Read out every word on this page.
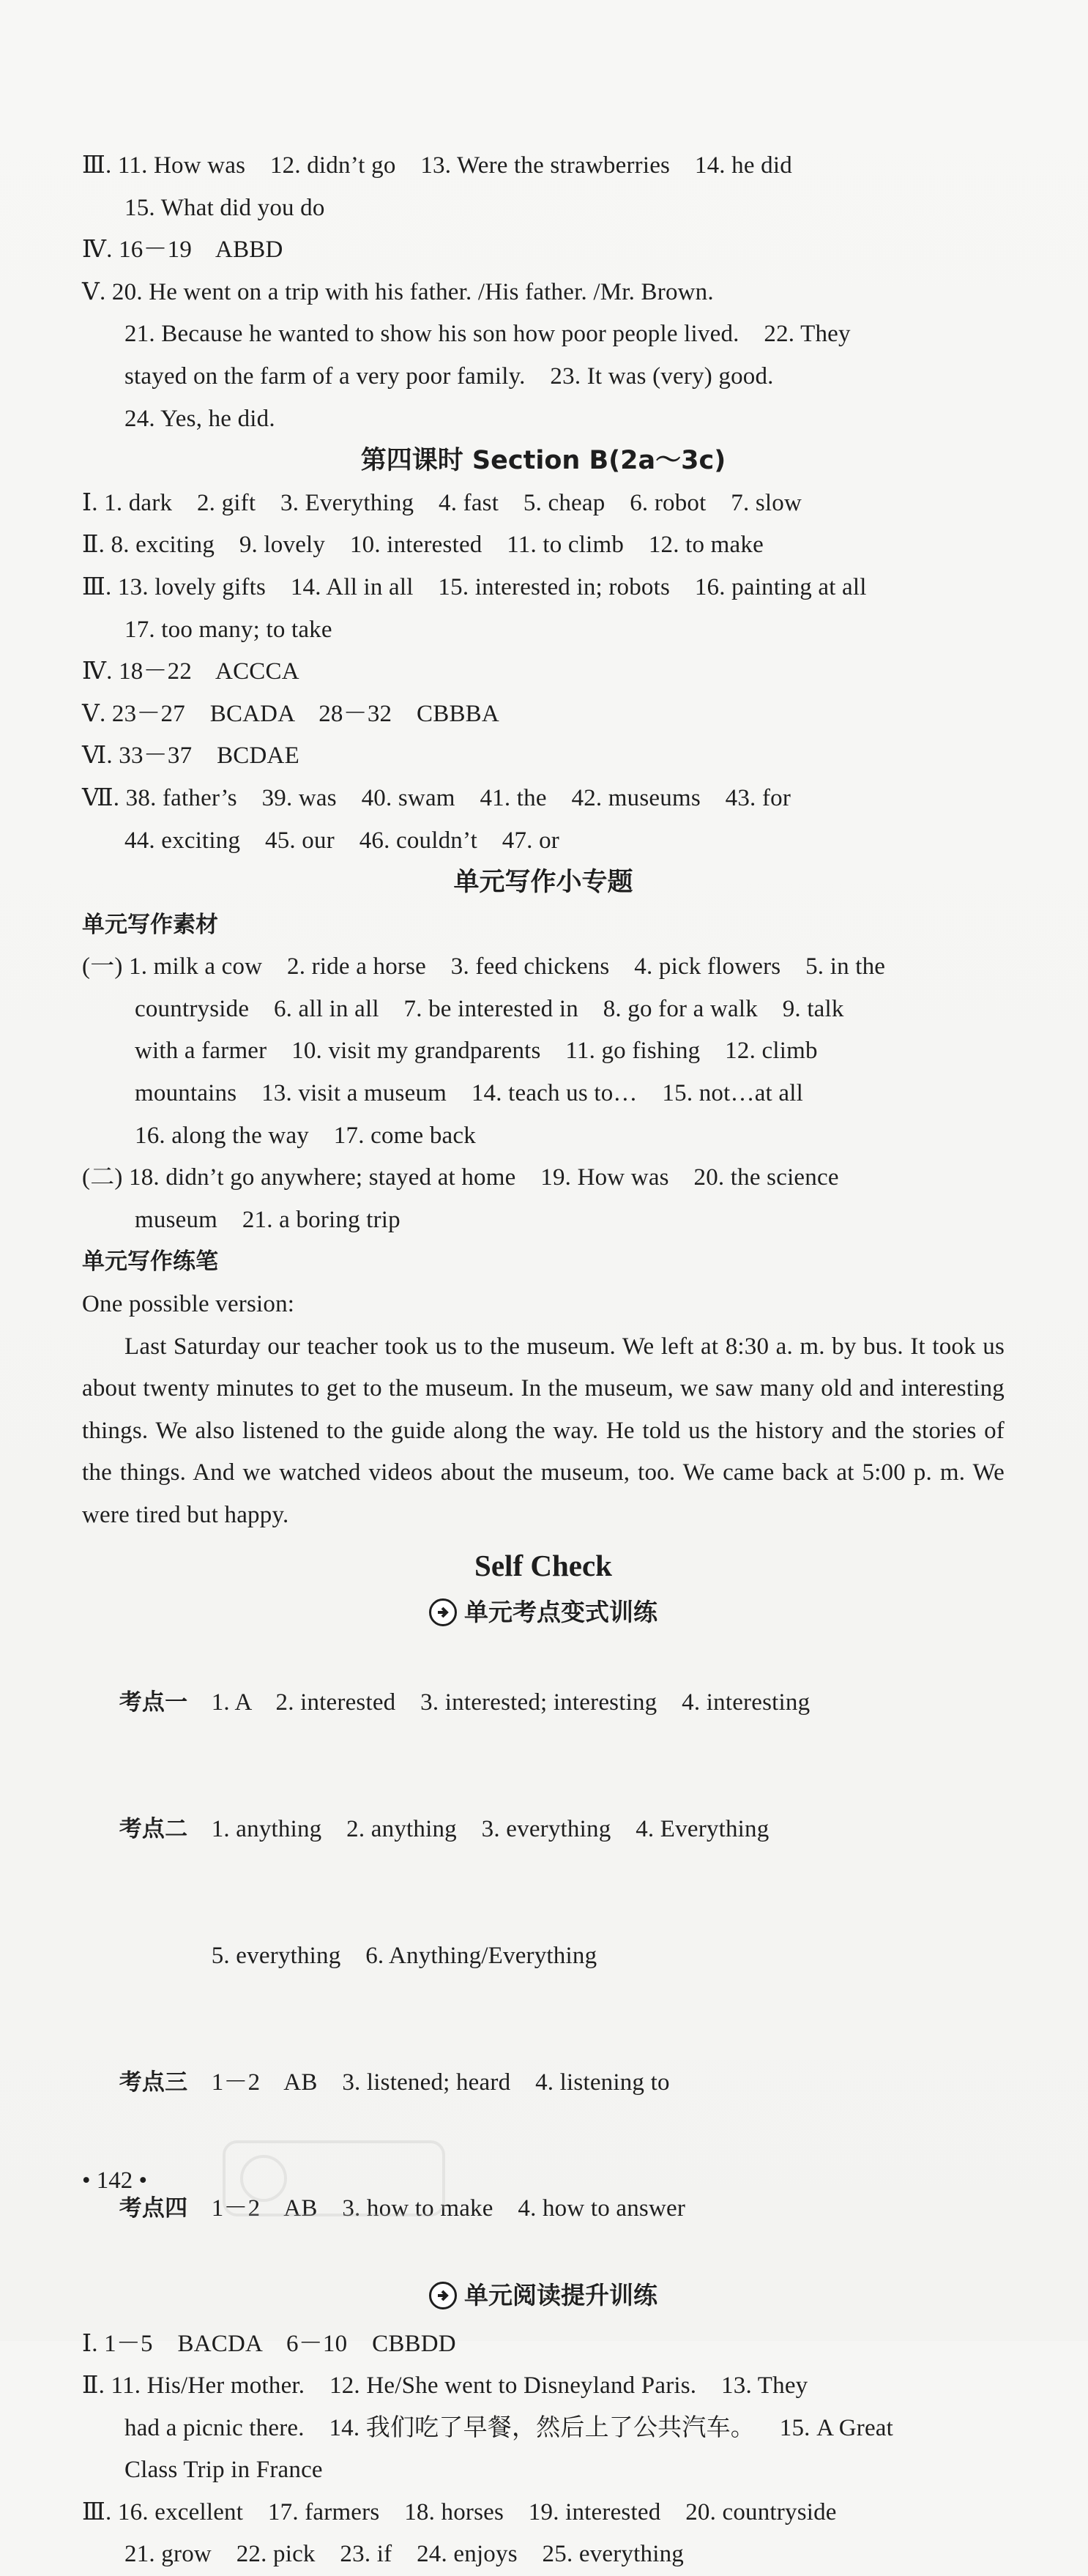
Ⅲ. 11. How was    12. didn’t go    13. Were the strawberries    14. he did
15. What did you do
Ⅳ. 16－19    ABBD
Ⅴ. 20. He went on a trip with his father. /His father. /Mr. Brown.
21. Because he wanted to show his son how poor people lived.    22. They
stayed on the farm of a very poor family.    23. It was (very) good.
24. Yes, he did.
第四课时 Section B(2a～3c)
Ⅰ. 1. dark    2. gift    3. Everything    4. fast    5. cheap    6. robot    7. slow
Ⅱ. 8. exciting    9. lovely    10. interested    11. to climb    12. to make
Ⅲ. 13. lovely gifts    14. All in all    15. interested in; robots    16. painting at all
17. too many; to take
Ⅳ. 18－22    ACCCA
Ⅴ. 23－27    BCADA    28－32    CBBBA
Ⅵ. 33－37    BCDAE
Ⅶ. 38. father’s    39. was    40. swam    41. the    42. museums    43. for
44. exciting    45. our    46. couldn’t    47. or
单元写作小专题
单元写作素材
(一) 1. milk a cow    2. ride a horse    3. feed chickens    4. pick flowers    5. in the
countryside    6. all in all    7. be interested in    8. go for a walk    9. talk
with a farmer    10. visit my grandparents    11. go fishing    12. climb
mountains    13. visit a museum    14. teach us to…    15. not…at all
16. along the way    17. come back
(二) 18. didn’t go anywhere; stayed at home    19. How was    20. the science
museum    21. a boring trip
单元写作练笔
One possible version:
Last Saturday our teacher took us to the museum. We left at 8:30 a. m. by bus. It took us about twenty minutes to get to the museum. In the museum, we saw many old and interesting things. We also listened to the guide along the way. He told us the history and the stories of the things. And we watched videos about the museum, too. We came back at 5:00 p. m. We were tired but happy.
Self Check
单元考点变式训练

考点一 1. A    2. interested    3. interested; interesting    4. interesting

考点二 1. anything    2. anything    3. everything    4. Everything

5. everything    6. Anything/Everything

考点三 1－2    AB    3. listened; heard    4. listening to

考点四 1－2    AB    3. how to make    4. how to answer

单元阅读提升训练
Ⅰ. 1－5    BACDA    6－10    CBBDD
Ⅱ. 11. His/Her mother.    12. He/She went to Disneyland Paris.    13. They
had a picnic there.    14. 我们吃了早餐，然后上了公共汽车。    15. A Great
Class Trip in France
Ⅲ. 16. excellent    17. farmers    18. horses    19. interested    20. countryside
21. grow    22. pick    23. if    24. enjoys    25. everything
• 142 •
